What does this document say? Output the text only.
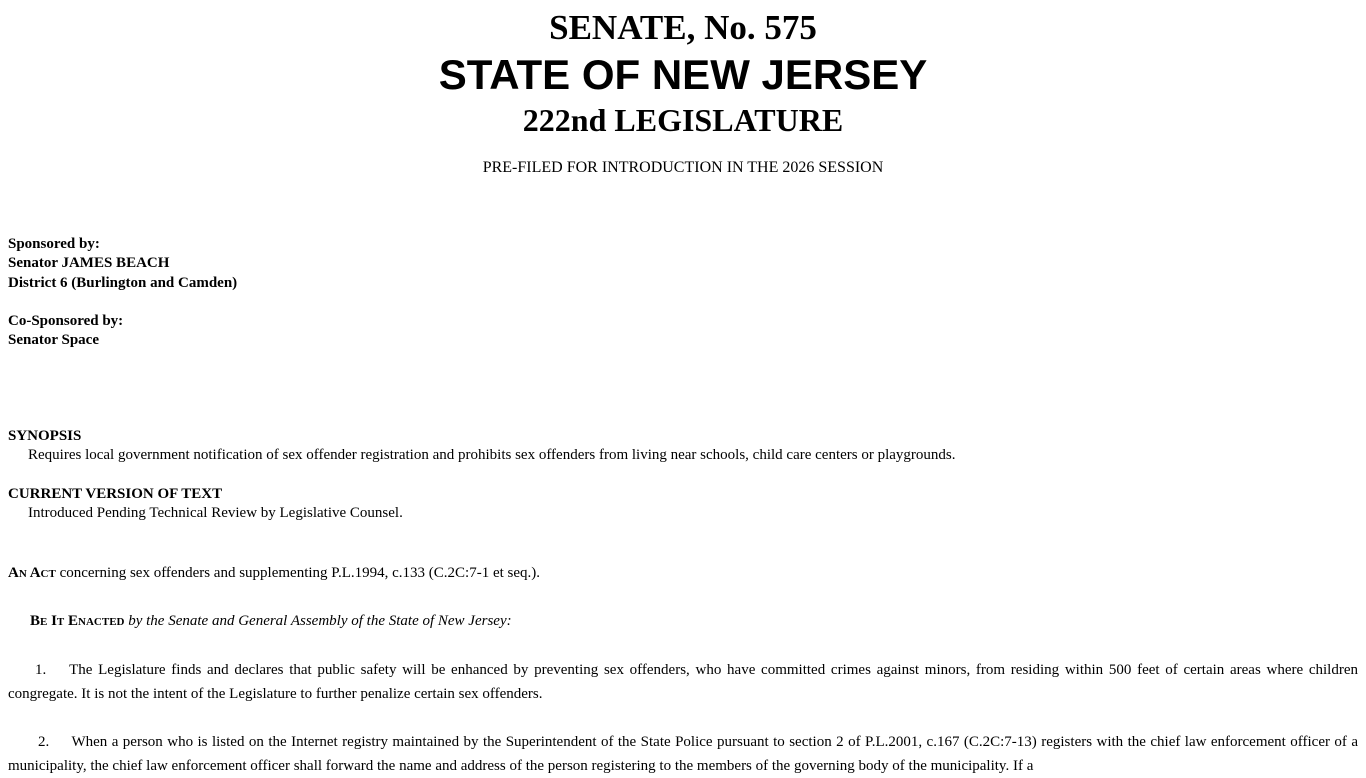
SENATE, No. 575
STATE OF NEW JERSEY
222nd LEGISLATURE
PRE-FILED FOR INTRODUCTION IN THE 2026 SESSION
Sponsored by:
Senator JAMES BEACH
District 6 (Burlington and Camden)
Co-Sponsored by:
Senator Space
SYNOPSIS
Requires local government notification of sex offender registration and prohibits sex offenders from living near schools, child care centers or playgrounds.
CURRENT VERSION OF TEXT
Introduced Pending Technical Review by Legislative Counsel.
An Act concerning sex offenders and supplementing P.L.1994, c.133 (C.2C:7-1 et seq.).
Be It Enacted by the Senate and General Assembly of the State of New Jersey:
1. The Legislature finds and declares that public safety will be enhanced by preventing sex offenders, who have committed crimes against minors, from residing within 500 feet of certain areas where children congregate. It is not the intent of the Legislature to further penalize certain sex offenders.
2. When a person who is listed on the Internet registry maintained by the Superintendent of the State Police pursuant to section 2 of P.L.2001, c.167 (C.2C:7-13) registers with the chief law enforcement officer of a municipality, the chief law enforcement officer shall forward the name and address of the person registering to the members of the governing body of the municipality. If a
